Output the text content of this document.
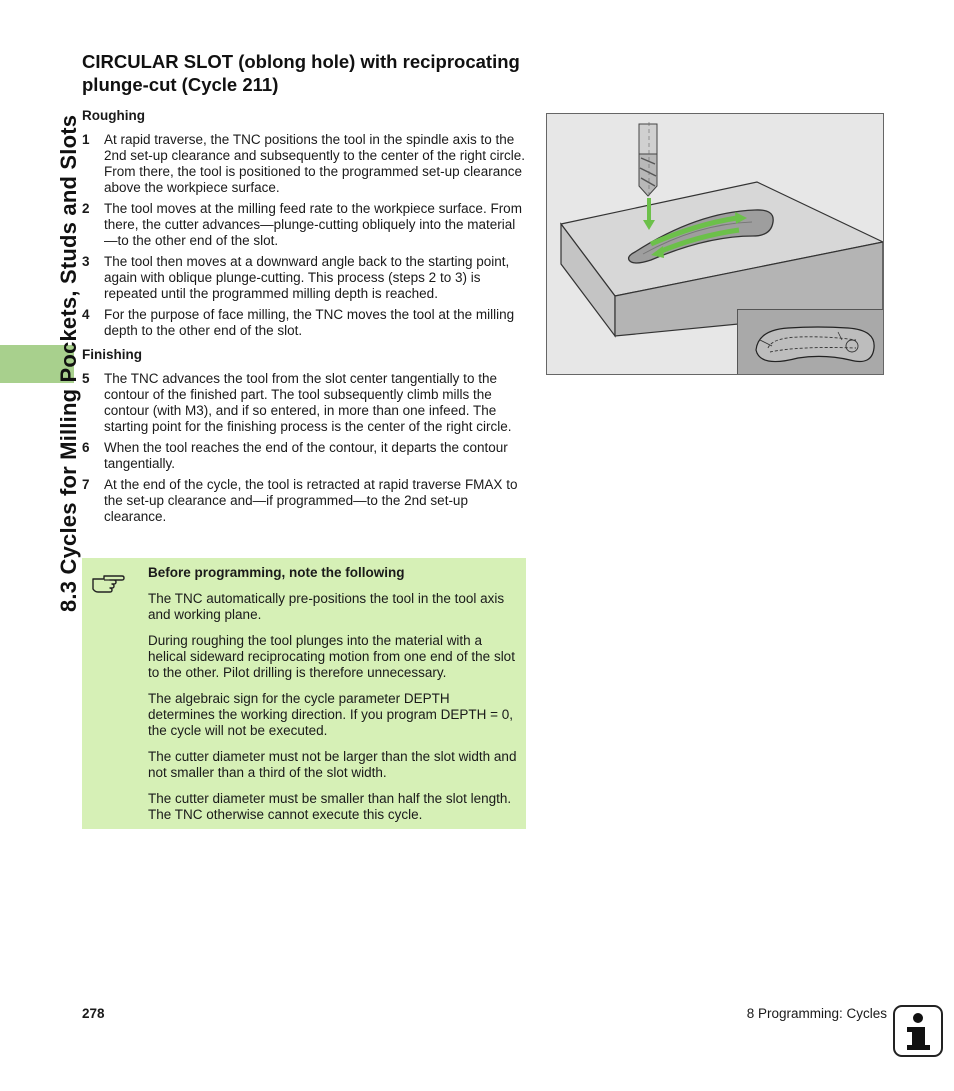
8.3 Cycles for Milling Pockets, Studs and Slots
CIRCULAR SLOT (oblong hole) with reciprocating plunge-cut (Cycle 211)
Roughing
1	At rapid traverse, the TNC positions the tool in the spindle axis to the 2nd set-up clearance and subsequently to the center of the right circle. From there, the tool is positioned to the programmed set-up clearance above the workpiece surface.
2	The tool moves at the milling feed rate to the workpiece surface. From there, the cutter advances—plunge-cutting obliquely into the material—to the other end of the slot.
3	The tool then moves at a downward angle back to the starting point, again with oblique plunge-cutting. This process (steps 2 to 3) is repeated until the programmed milling depth is reached.
4	For the purpose of face milling, the TNC moves the tool at the milling depth to the other end of the slot.
Finishing
5	The TNC advances the tool from the slot center tangentially to the contour of the finished part. The tool subsequently climb mills the contour (with M3), and if so entered, in more than one infeed. The starting point for the finishing process is the center of the right circle.
6	When the tool reaches the end of the contour, it departs the contour tangentially.
7	At the end of the cycle, the tool is retracted at rapid traverse FMAX to the set-up clearance and—if programmed—to the 2nd set-up clearance.
Before programming, note the following
The TNC automatically pre-positions the tool in the tool axis and working plane.
During roughing the tool plunges into the material with a helical sideward reciprocating motion from one end of the slot to the other. Pilot drilling is therefore unnecessary.
The algebraic sign for the cycle parameter DEPTH determines the working direction. If you program DEPTH = 0, the cycle will not be executed.
The cutter diameter must not be larger than the slot width and not smaller than a third of the slot width.
The cutter diameter must be smaller than half the slot length. The TNC otherwise cannot execute this cycle.
278	8 Programming: Cycles
